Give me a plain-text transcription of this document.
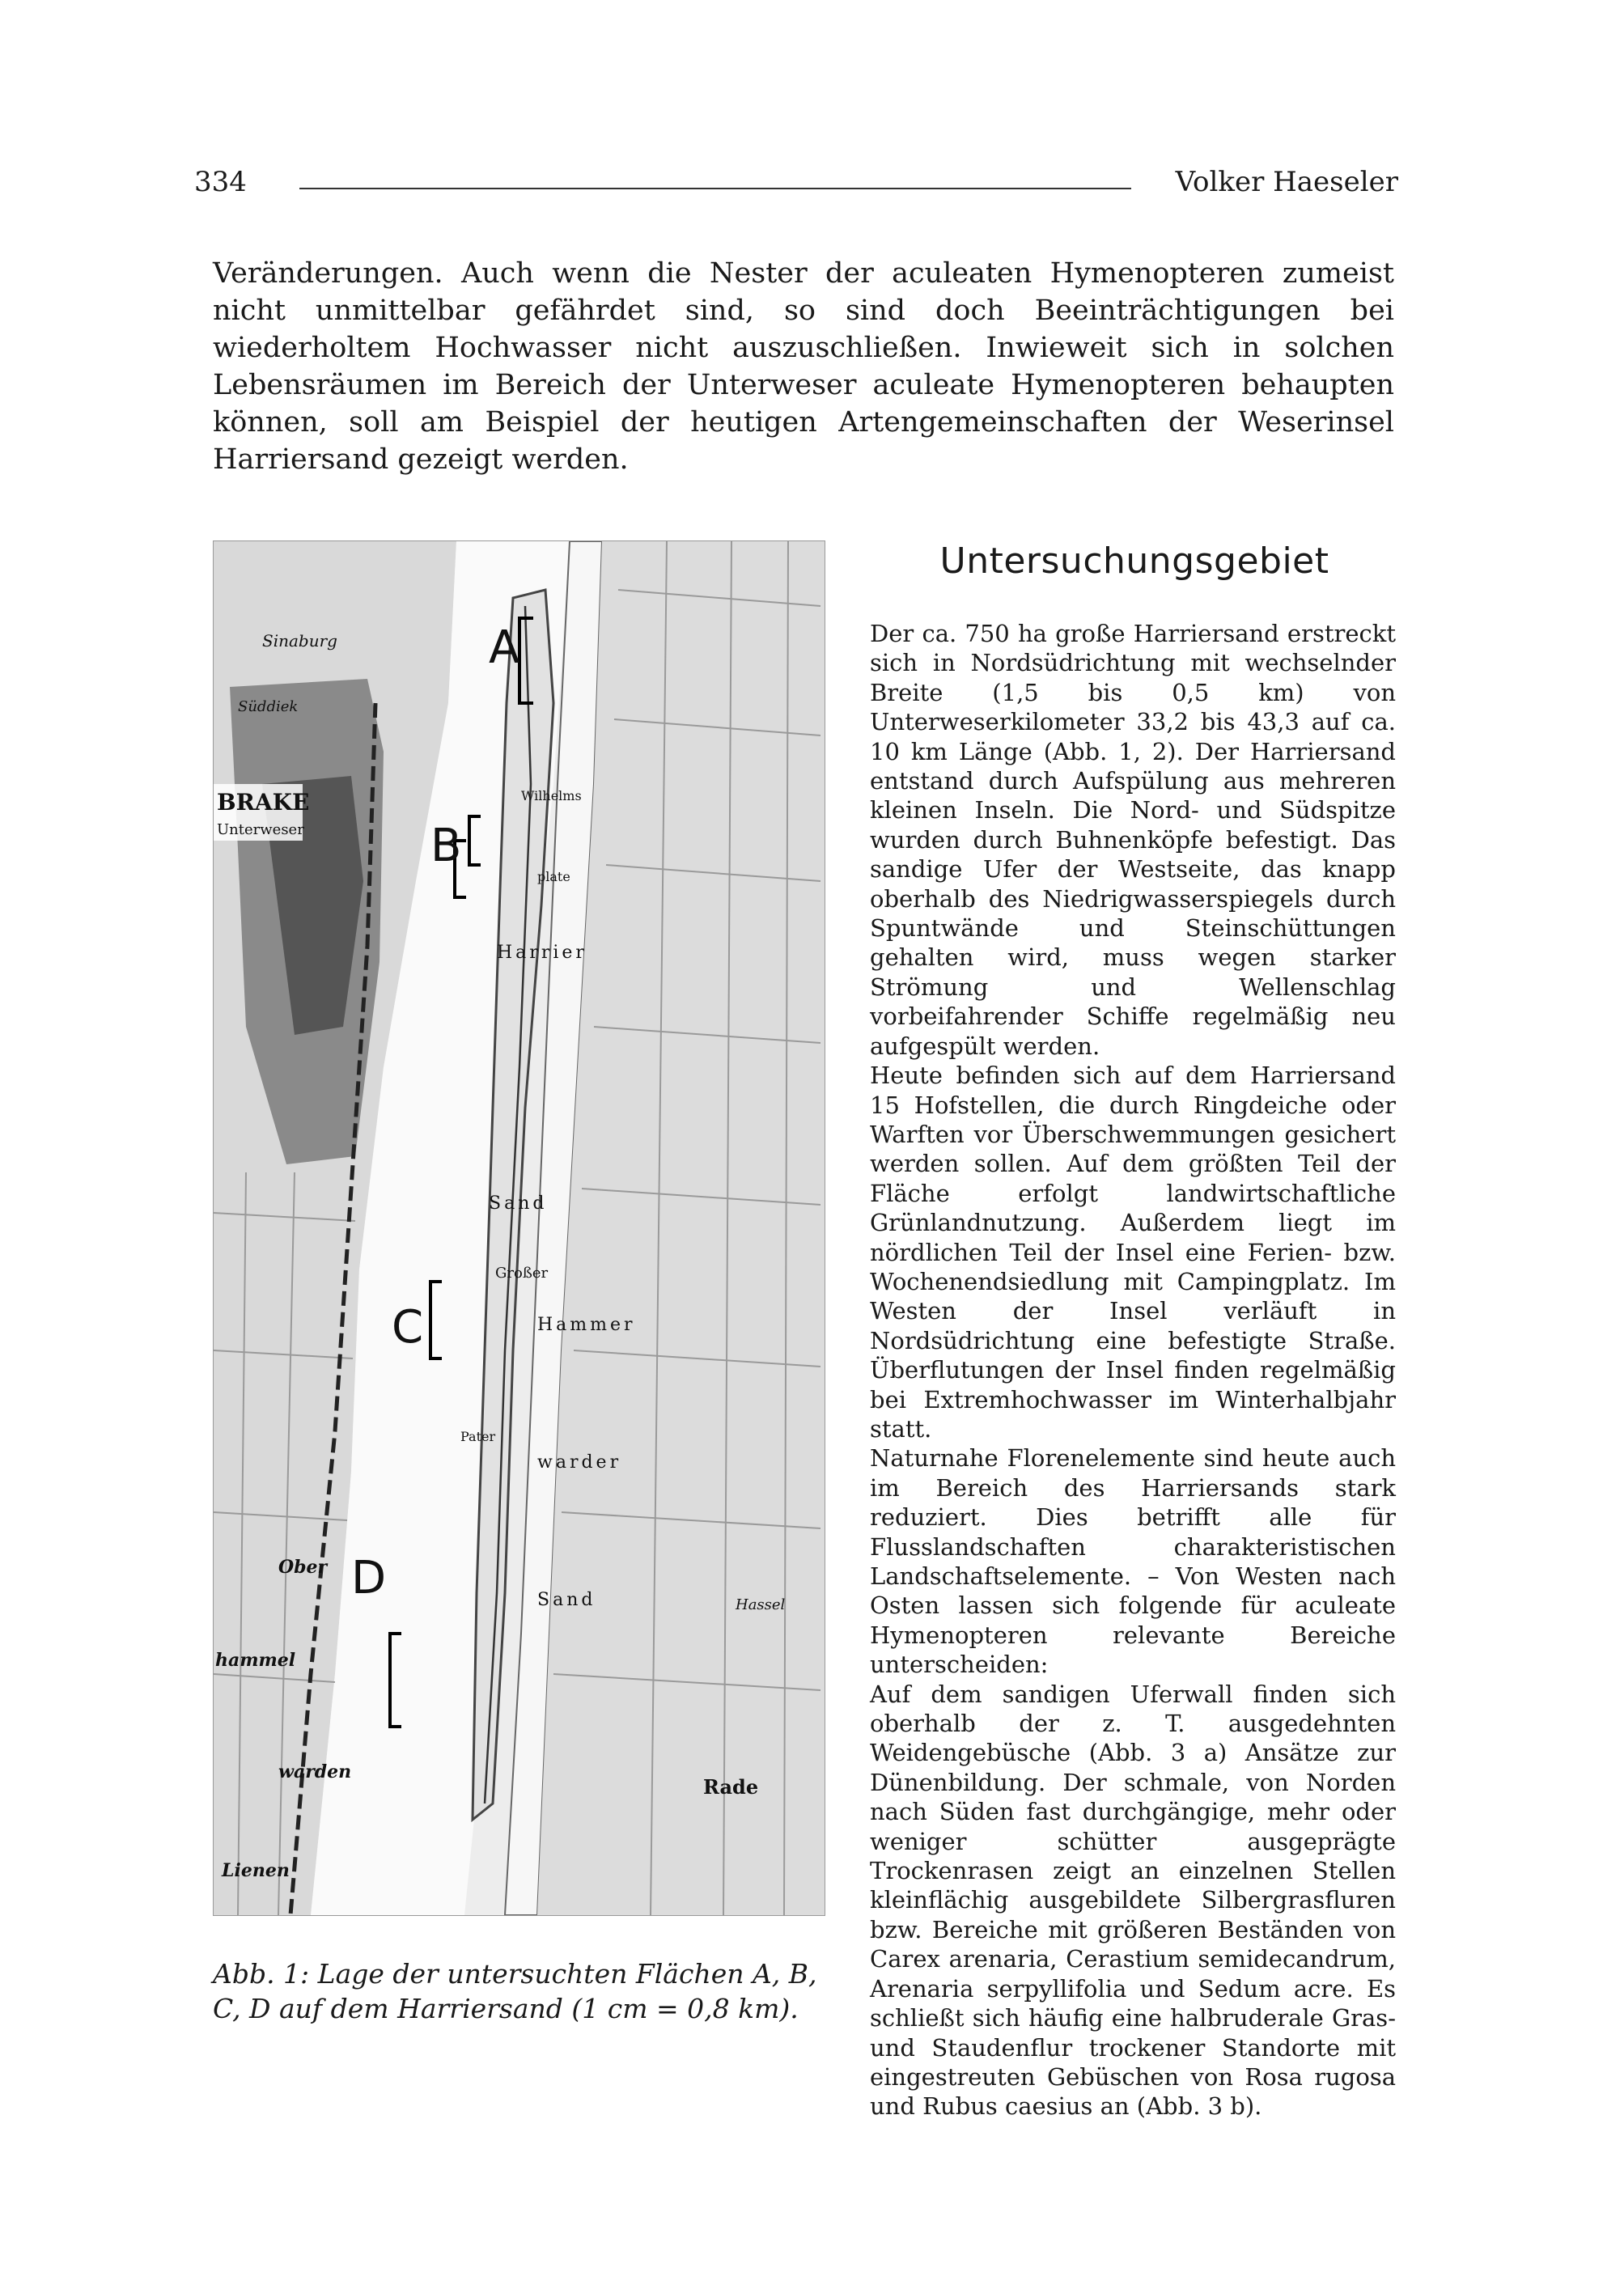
334	Volker Haeseler

Veränderungen. Auch wenn die Nester der aculeaten Hymenopteren zumeist nicht unmittelbar gefährdet sind, so sind doch Beeinträchtigungen bei wiederholtem Hochwasser nicht auszuschließen. Inwieweit sich in solchen Lebensräumen im Bereich der Unterweser aculeate Hymenopteren behaupten können, soll am Beispiel der heutigen Artengemeinschaften der Weserinsel Harriersand gezeigt werden.

A
B
C
D
BRAKE
Unterweser
Sinaburg
Süddiek
Wilhelms
plate
Harrier
Sand
Großer
Hammer
Pater
warder
Sand	Hassel
Rade
hammel
warden
Ober
Lienen
Abb. 1: Lage der untersuchten Flächen A, B, C, D auf dem Harriersand (1 cm = 0,8 km).
Untersuchungsgebiet

Der ca. 750 ha große Harriersand erstreckt sich in Nordsüdrichtung mit wechselnder Breite (1,5 bis 0,5 km) von Unterweserkilometer 33,2 bis 43,3 auf ca. 10 km Länge (Abb. 1, 2). Der Harriersand entstand durch Aufspülung aus mehreren kleinen Inseln. Die Nord- und Südspitze wurden durch Buhnenköpfe befestigt. Das sandige Ufer der Westseite, das knapp oberhalb des Niedrigwasserspiegels durch Spuntwände und Steinschüttungen gehalten wird, muss wegen starker Strömung und Wellenschlag vorbeifahrender Schiffe regelmäßig neu aufgespült werden.

Heute befinden sich auf dem Harriersand 15 Hofstellen, die durch Ringdeiche oder Warften vor Überschwemmungen gesichert werden sollen. Auf dem größten Teil der Fläche erfolgt landwirtschaftliche Grünlandnutzung. Außerdem liegt im nördlichen Teil der Insel eine Ferien- bzw. Wochenendsiedlung mit Campingplatz. Im Westen der Insel verläuft in Nordsüdrichtung eine befestigte Straße. Überflutungen der Insel finden regelmäßig bei Extremhochwasser im Winterhalbjahr statt.

Naturnahe Florenelemente sind heute auch im Bereich des Harriersands stark reduziert. Dies betrifft alle für Flusslandschaften charakteristischen Landschaftselemente. – Von Westen nach Osten lassen sich folgende für aculeate Hymenopteren relevante Bereiche unterscheiden:

Auf dem sandigen Uferwall finden sich oberhalb der z. T. ausgedehnten Weidengebüsche (Abb. 3 a) Ansätze zur Dünenbildung. Der schmale, von Norden nach Süden fast durchgängige, mehr oder weniger schütter ausgeprägte Trockenrasen zeigt an einzelnen Stellen kleinflächig ausgebildete Silbergrasfluren bzw. Bereiche mit größeren Beständen von Carex arenaria, Cerastium semidecandrum, Arenaria serpyllifolia und Sedum acre. Es schließt sich häufig eine halbruderale Gras- und Staudenflur trockener Standorte mit eingestreuten Gebüschen von Rosa rugosa und Rubus caesius an (Abb. 3 b).
